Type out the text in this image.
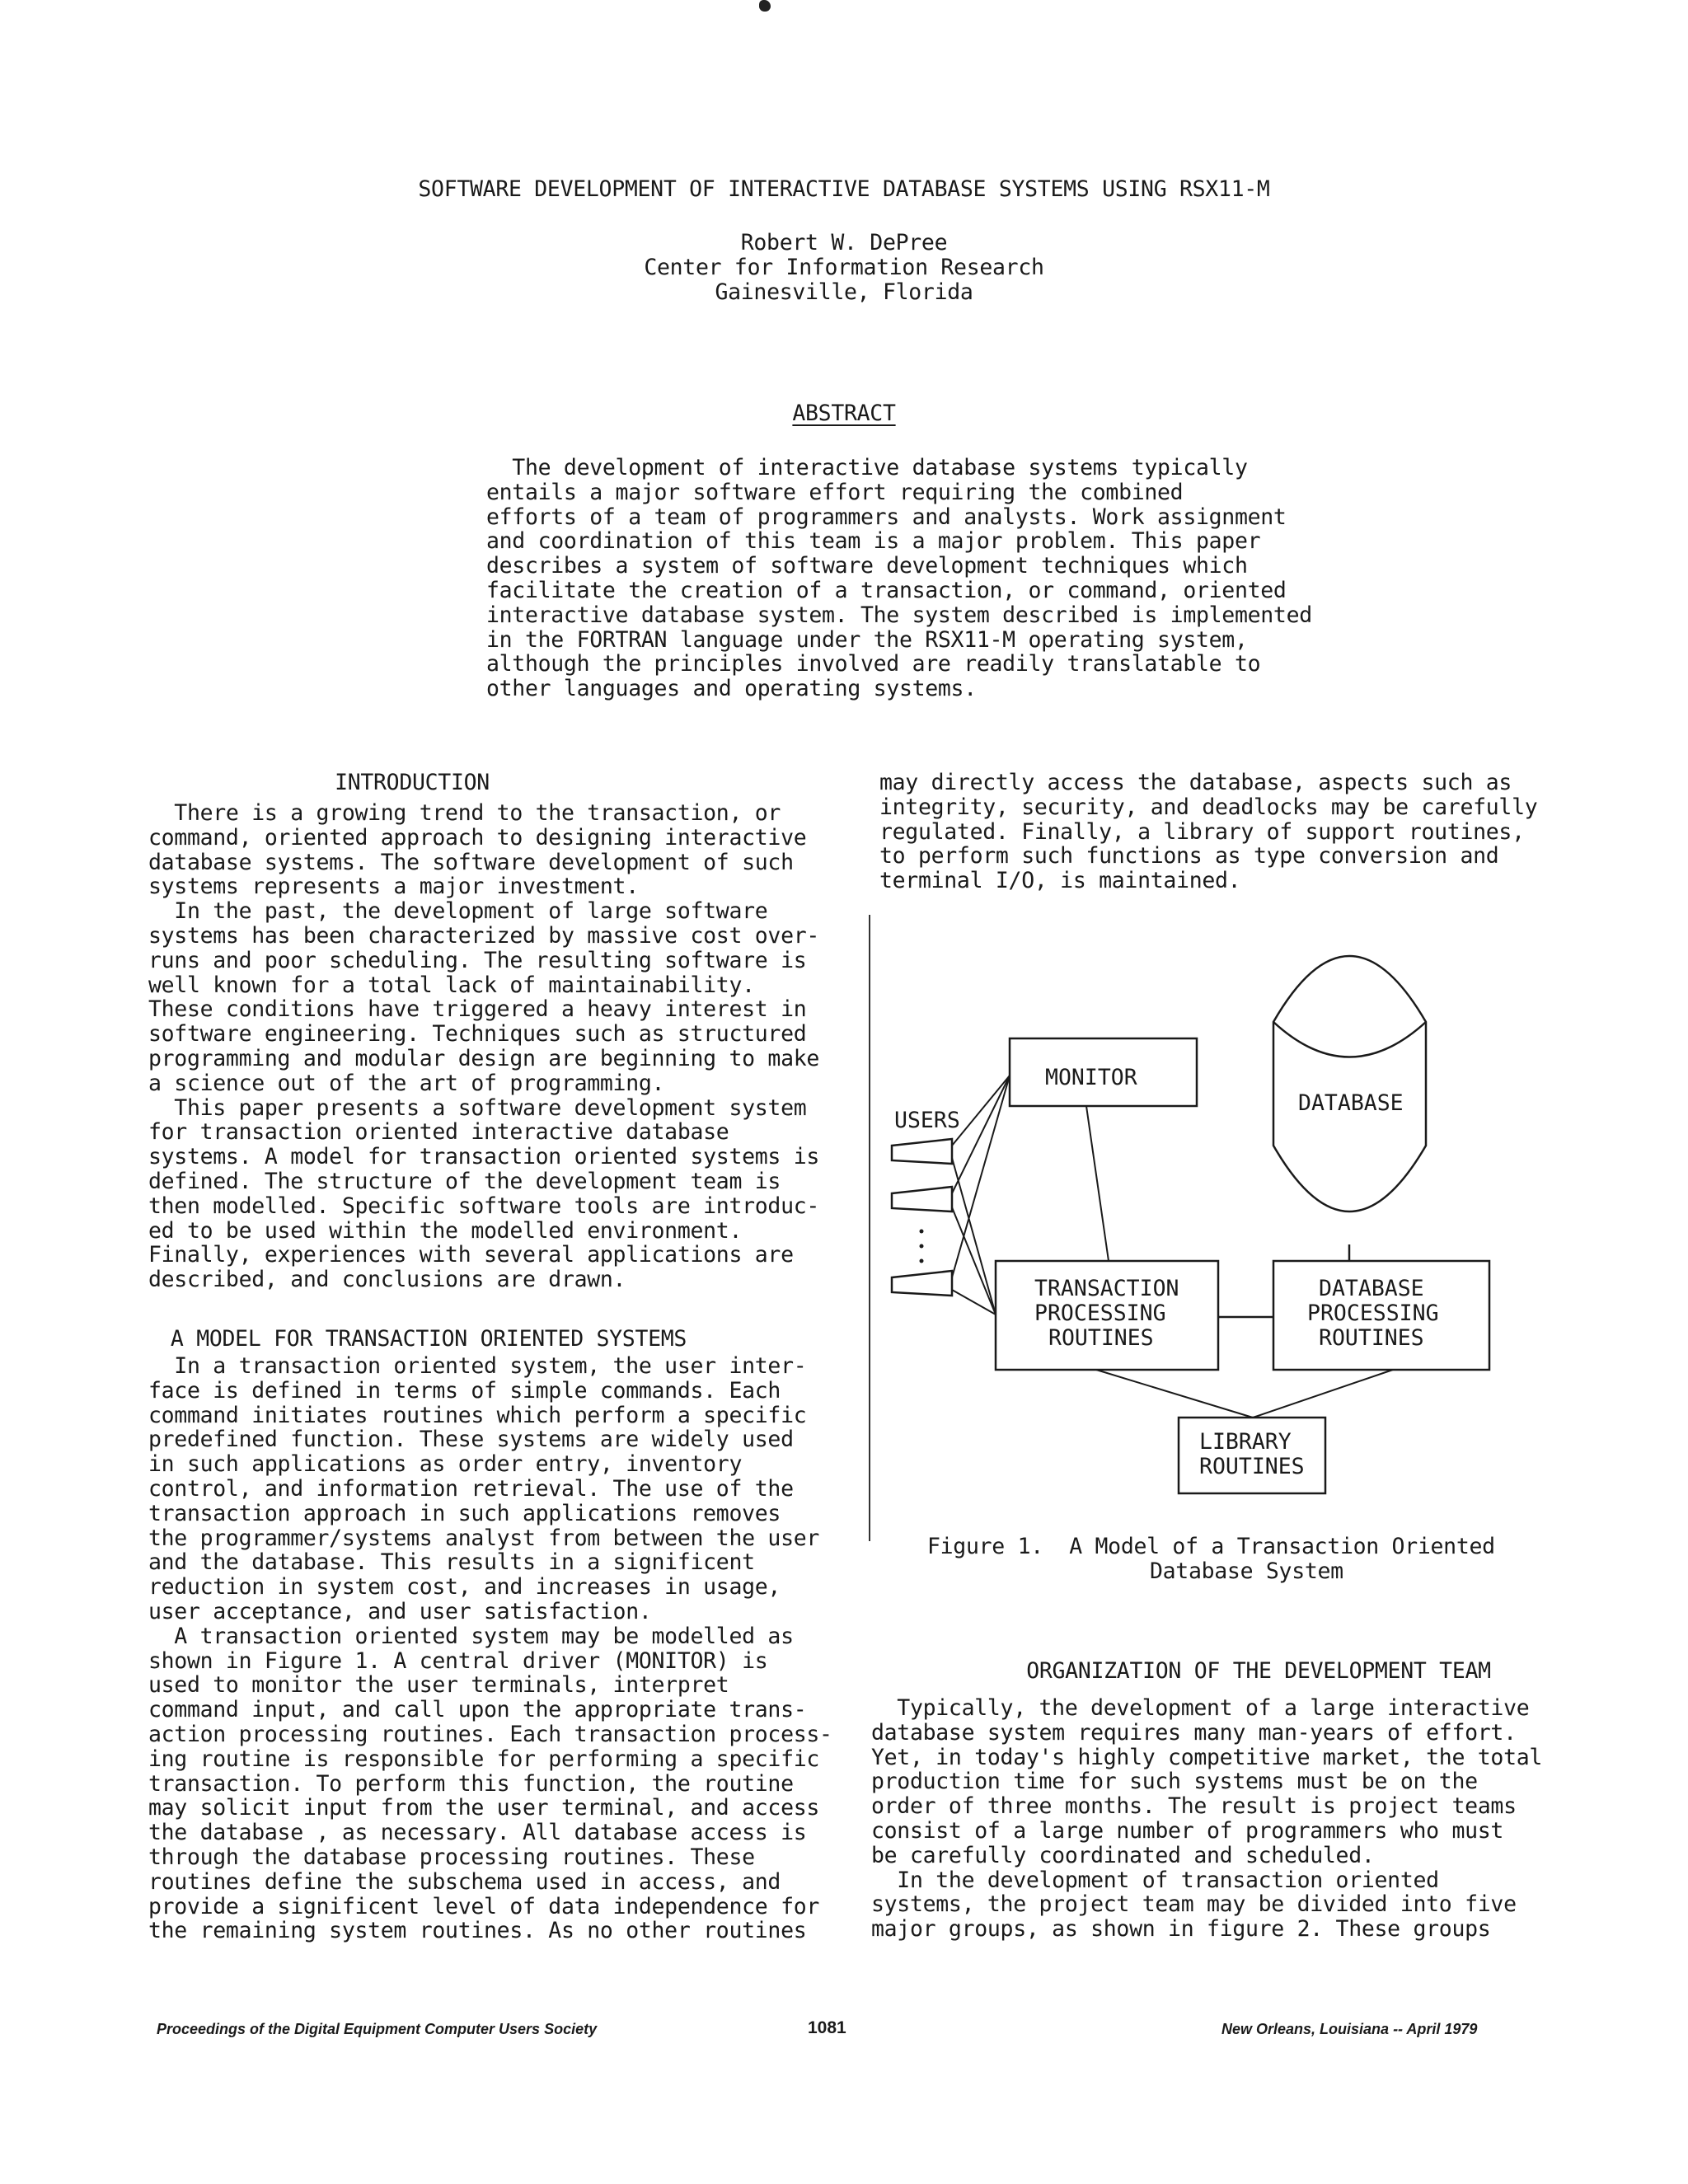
SOFTWARE DEVELOPMENT OF INTERACTIVE DATABASE SYSTEMS USING RSX11-M
Robert W. DePree
Center for Information Research
Gainesville, Florida
ABSTRACT
The development of interactive database systems typically
entails a major software effort requiring the combined
efforts of a team of programmers and analysts. Work assignment
and coordination of this team is a major problem. This paper
describes a system of software development techniques which
facilitate the creation of a transaction, or command, oriented
interactive database system. The system described is implemented
in the FORTRAN language under the RSX11-M operating system,
although the principles involved are readily translatable to
other languages and operating systems.
INTRODUCTION
There is a growing trend to the transaction, or
command, oriented approach to designing interactive
database systems. The software development of such
systems represents a major investment.
In the past, the development of large software
systems has been characterized by massive cost over-
runs and poor scheduling. The resulting software is
well known for a total lack of maintainability.
These conditions have triggered a heavy interest in
software engineering. Techniques such as structured
programming and modular design are beginning to make
a science out of the art of programming.
This paper presents a software development system
for transaction oriented interactive database
systems. A model for transaction oriented systems is
defined. The structure of the development team is
then modelled. Specific software tools are introduc-
ed to be used within the modelled environment.
Finally, experiences with several applications are
described, and conclusions are drawn.
A MODEL FOR TRANSACTION ORIENTED SYSTEMS
In a transaction oriented system, the user inter-
face is defined in terms of simple commands. Each
command initiates routines which perform a specific
predefined function. These systems are widely used
in such applications as order entry, inventory
control, and information retrieval. The use of the
transaction approach in such applications removes
the programmer/systems analyst from between the user
and the database. This results in a significent
reduction in system cost, and increases in usage,
user acceptance, and user satisfaction.
A transaction oriented system may be modelled as
shown in Figure 1. A central driver (MONITOR) is
used to monitor the user terminals, interpret
command input, and call upon the appropriate trans-
action processing routines. Each transaction process-
ing routine is responsible for performing a specific
transaction. To perform this function, the routine
may solicit input from the user terminal, and access
the database , as necessary. All database access is
through the database processing routines. These
routines define the subschema used in access, and
provide a significent level of data independence for
the remaining system routines. As no other routines
may directly access the database, aspects such as
integrity, security, and deadlocks may be carefully
regulated. Finally, a library of support routines,
to perform such functions as type conversion and
terminal I/O, is maintained.
MONITOR
DATABASE
USERS
TRANSACTION
PROCESSING
ROUTINES
DATABASE
PROCESSING
ROUTINES
LIBRARY
ROUTINES
Figure 1.  A Model of a Transaction Oriented
Database System
ORGANIZATION OF THE DEVELOPMENT TEAM
Typically, the development of a large interactive
database system requires many man-years of effort.
Yet, in today's highly competitive market, the total
production time for such systems must be on the
order of three months. The result is project teams
consist of a large number of programmers who must
be carefully coordinated and scheduled.
In the development of transaction oriented
systems, the project team may be divided into five
major groups, as shown in figure 2. These groups
Proceedings of the Digital Equipment Computer Users Society	1081	New Orleans, Louisiana -- April 1979
